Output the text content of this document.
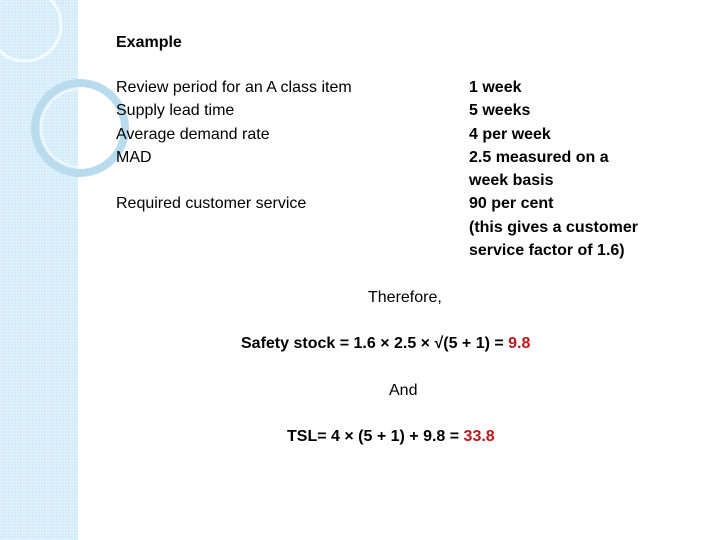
Example
Review period for an A class item
Supply lead time
Average demand rate
MAD
Required customer service
1 week
5 weeks
4 per week
2.5 measured on a
week basis
90 per cent
(this gives a customer
service factor of 1.6)
Therefore,
Safety stock = 1.6 × 2.5 × √(5 + 1) = 9.8
And
TSL= 4 × (5 + 1) + 9.8 = 33.8
